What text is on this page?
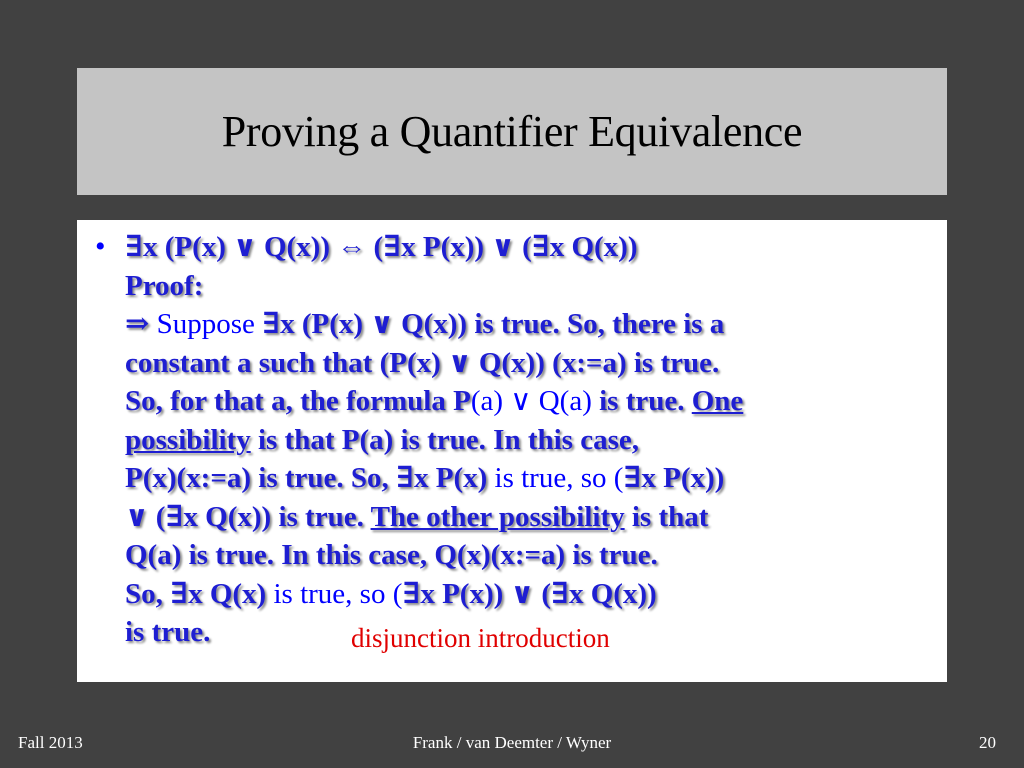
Proving a Quantifier Equivalence
• ∃x (P(x) ∨ Q(x)) ⇔ (∃x P(x)) ∨ (∃x Q(x))
Proof:
⇒ Suppose ∃x (P(x) ∨ Q(x)) is true. So, there is a
constant a such that (P(x) ∨ Q(x)) (x:=a) is true.
So, for that a, the formula P(a) ∨ Q(a) is true. One
possibility is that P(a) is true. In this case,
P(x)(x:=a) is true. So, ∃x P(x) is true, so (∃x P(x))
∨ (∃x Q(x)) is true. The other possibility is that
Q(a) is true. In this case, Q(x)(x:=a) is true.
So, ∃x Q(x) is true, so (∃x P(x)) ∨ (∃x Q(x))
is true.	disjunction introduction
Fall 2013	Frank / van Deemter / Wyner	20
